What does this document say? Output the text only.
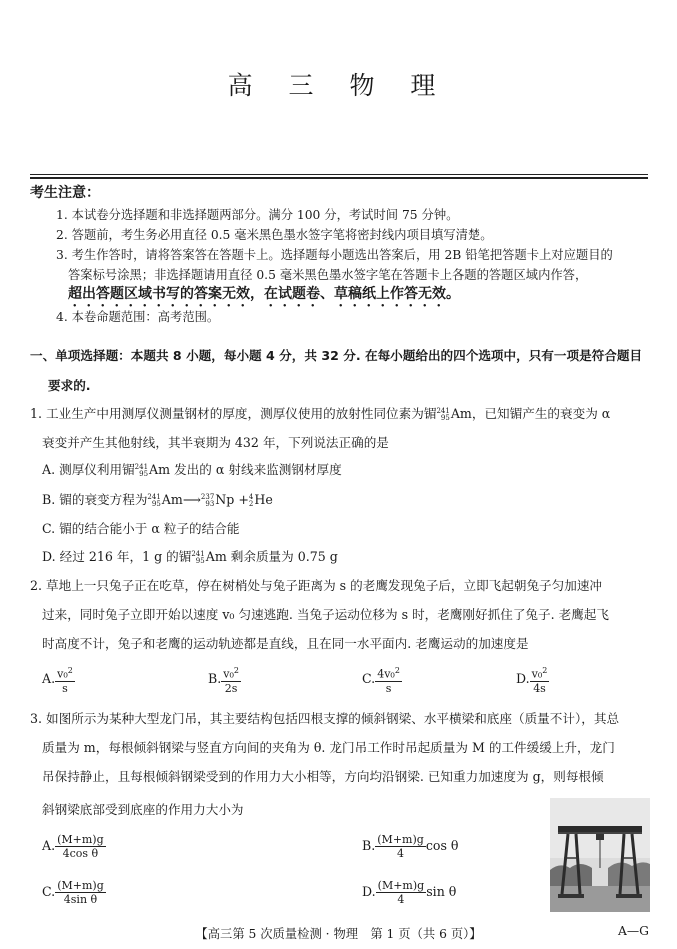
高 三 物 理
考生注意：
1. 本试卷分选择题和非选择题两部分。满分 100 分，考试时间 75 分钟。
2. 答题前，考生务必用直径 0.5 毫米黑色墨水签字笔将密封线内项目填写清楚。
3. 考生作答时，请将答案答在答题卡上。选择题每小题选出答案后，用 2B 铅笔把答题卡上对应题目的
答案标号涂黑；非选择题请用直径 0.5 毫米黑色墨水签字笔在答题卡上各题的答题区域内作答，
超出答题区域书写的答案无效，在试题卷、草稿纸上作答无效。
4. 本卷命题范围：高考范围。
一、单项选择题：本题共 8 小题，每小题 4 分，共 32 分. 在每小题给出的四个选项中，只有一项是符合题目
要求的.
1. 工业生产中用测厚仪测量钢材的厚度，测厚仪使用的放射性同位素为镅 241
95 Am，已知镅产生的衰变为 α
衰变并产生其他射线，其半衰期为 432 年，下列说法正确的是
A. 测厚仪利用镅 241
95 Am 发出的 α 射线来监测钢材厚度
B. 镅的衰变方程为 241
95 Am⟶ 237
93 Np + 4
2 He
C. 镅的结合能小于 α 粒子的结合能
D. 经过 216 年，1 g 的镅 241
95 Am 剩余质量为 0.75 g
2. 草地上一只兔子正在吃草，停在树梢处与兔子距离为 s 的老鹰发现兔子后，立即飞起朝兔子匀加速冲
过来，同时兔子立即开始以速度 v₀ 匀速逃跑. 当兔子运动位移为 s 时，老鹰刚好抓住了兔子. 老鹰起飞
时高度不计，兔子和老鹰的运动轨迹都是直线，且在同一水平面内. 老鹰运动的加速度是
A. $\frac{v_0^2}{s}$	B. $\frac{v_0^2}{2s}$	C. $\frac{4v_0^2}{s}$	D. $\frac{v_0^2}{4s}$
3. 如图所示为某种大型龙门吊，其主要结构包括四根支撑的倾斜钢梁、水平横梁和底座（质量不计），其总
质量为 m，每根倾斜钢梁与竖直方向间的夹角为 θ. 龙门吊工作时吊起质量为 M 的工件缓缓上升，龙门
吊保持静止，且每根倾斜钢梁受到的作用力大小相等，方向均沿钢梁. 已知重力加速度为 g，则每根倾
斜钢梁底部受到底座的作用力大小为
A. $\frac{(M+m)g}{\text{4cos θ}}$	B. $\frac{(M+m)g}{4}$ cos θ
C. $\frac{(M+m)g}{\text{4sin θ}}$	D. $\frac{(M+m)g}{4}$ sin θ
【高三第 5 次质量检测 · 物理　第 1 页（共 6 页）】	A—G
